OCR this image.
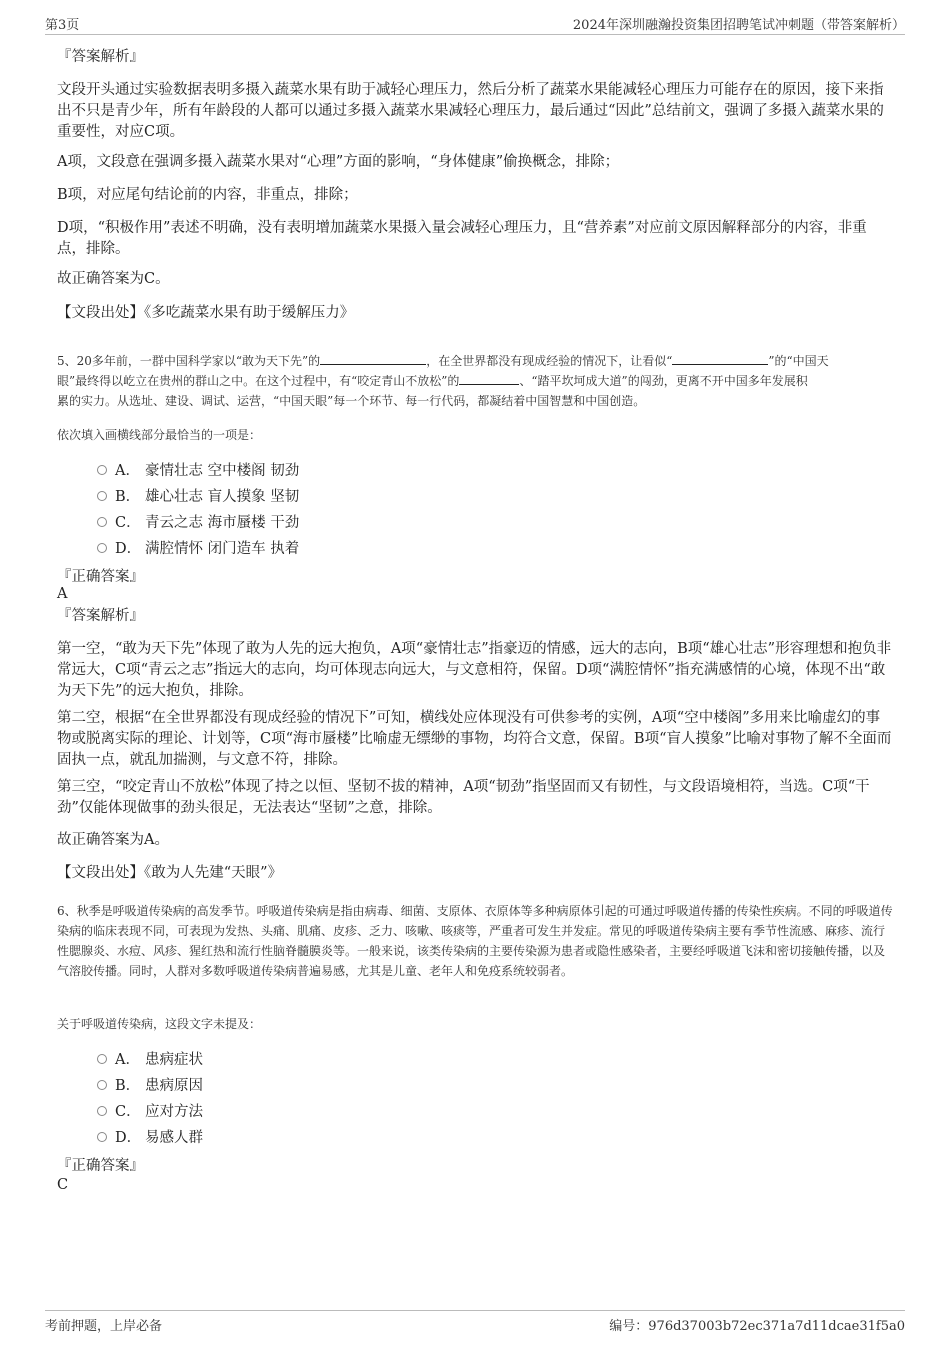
第3页	2024年深圳融瀚投资集团招聘笔试冲刺题（带答案解析）
『答案解析』

文段开头通过实验数据表明多摄入蔬菜水果有助于减轻心理压力，然后分析了蔬菜水果能减轻心理压力可能存在的原因，接下来指出不只是青少年，所有年龄段的人都可以通过多摄入蔬菜水果减轻心理压力，最后通过“因此”总结前文，强调了多摄入蔬菜水果的重要性，对应C项。

A项，文段意在强调多摄入蔬菜水果对“心理”方面的影响，“身体健康”偷换概念，排除；

B项，对应尾句结论前的内容，非重点，排除；

D项，“积极作用”表述不明确，没有表明增加蔬菜水果摄入量会减轻心理压力，且“营养素”对应前文原因解释部分的内容，非重点，排除。

故正确答案为C。

【文段出处】《多吃蔬菜水果有助于缓解压力》

5、20多年前，一群中国科学家以“敢为天下先”的	，在全世界都没有现成经验的情况下，让看似“	”的“中国天
眼”最终得以屹立在贵州的群山之中。在这个过程中，有“咬定青山不放松”的	、“踏平坎坷成大道”的闯劲，更离不开中国多年发展积
累的实力。从选址、建设、调试、运营，“中国天眼”每一个环节、每一行代码，都凝结着中国智慧和中国创造。

依次填入画横线部分最恰当的一项是：

A． 豪情壮志 空中楼阁 韧劲
B． 雄心壮志 盲人摸象 坚韧
C． 青云之志 海市蜃楼 干劲
D． 满腔情怀 闭门造车 执着
『正确答案』
A
『答案解析』

第一空，“敢为天下先”体现了敢为人先的远大抱负，A项“豪情壮志”指豪迈的情感，远大的志向，B项“雄心壮志”形容理想和抱负非常远大，C项“青云之志”指远大的志向，均可体现志向远大，与文意相符，保留。D项“满腔情怀”指充满感情的心境，体现不出“敢为天下先”的远大抱负，排除。

第二空，根据“在全世界都没有现成经验的情况下”可知，横线处应体现没有可供参考的实例，A项“空中楼阁”多用来比喻虚幻的事物或脱离实际的理论、计划等，C项“海市蜃楼”比喻虚无缥缈的事物，均符合文意，保留。B项“盲人摸象”比喻对事物了解不全面而固执一点，就乱加揣测，与文意不符，排除。

第三空，“咬定青山不放松”体现了持之以恒、坚韧不拔的精神，A项“韧劲”指坚固而又有韧性，与文段语境相符，当选。C项“干劲”仅能体现做事的劲头很足，无法表达“坚韧”之意，排除。

故正确答案为A。

【文段出处】《敢为人先建“天眼”》

6、秋季是呼吸道传染病的高发季节。呼吸道传染病是指由病毒、细菌、支原体、衣原体等多种病原体引起的可通过呼吸道传播的传染性疾病。不同的呼吸道传染病的临床表现不同，可表现为发热、头痛、肌痛、皮疹、乏力、咳嗽、咳痰等，严重者可发生并发症。常见的呼吸道传染病主要有季节性流感、麻疹、流行性腮腺炎、水痘、风疹、猩红热和流行性脑脊髓膜炎等。一般来说，该类传染病的主要传染源为患者或隐性感染者，主要经呼吸道飞沫和密切接触传播，以及气溶胶传播。同时，人群对多数呼吸道传染病普遍易感，尤其是儿童、老年人和免疫系统较弱者。

关于呼吸道传染病，这段文字未提及：

A． 患病症状
B． 患病原因
C． 应对方法
D． 易感人群
『正确答案』
C
考前押题，上岸必备	编号：976d37003b72ec371a7d11dcae31f5a0
